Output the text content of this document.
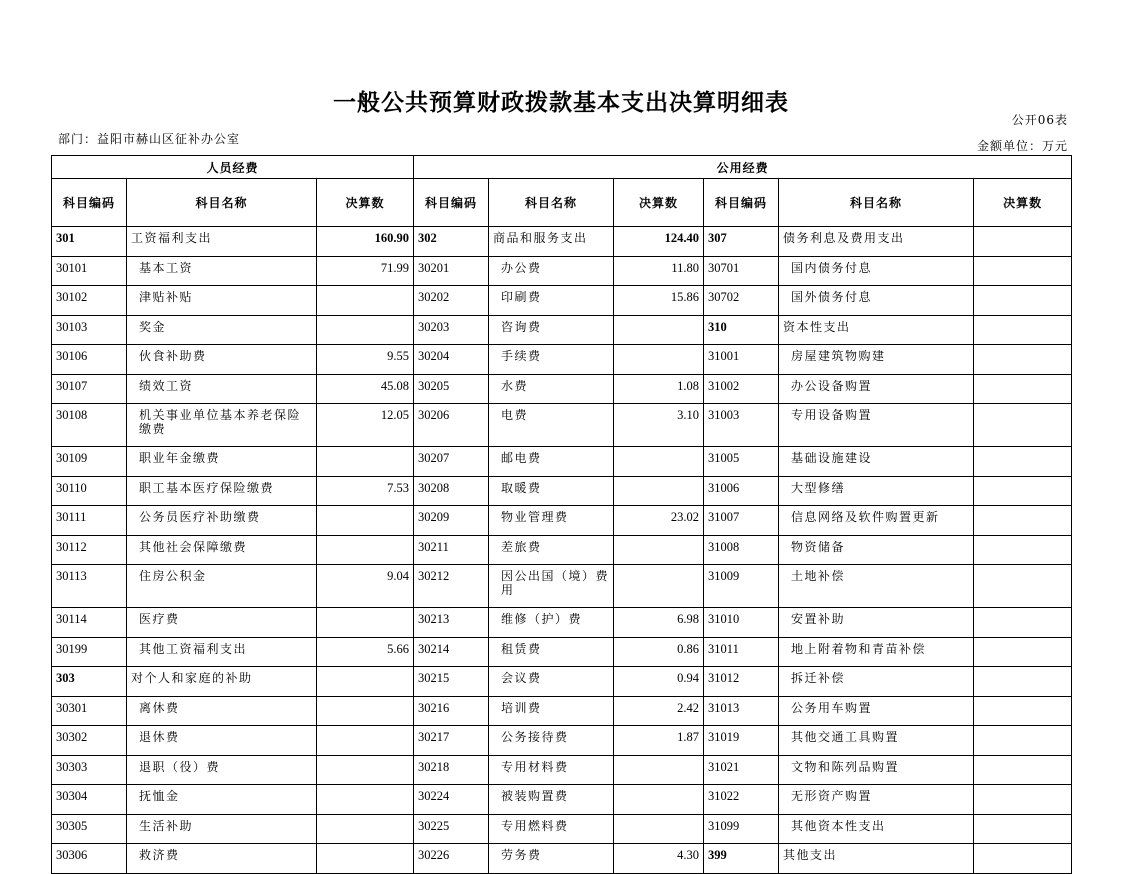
一般公共预算财政拨款基本支出决算明细表
公开06表
部门：益阳市赫山区征补办公室	金额单位：万元
人员经费			公用经费					
科目编码	科目名称	决算数	科目编码	科目名称	决算数	科目编码	科目名称	决算数
301	工资福利支出	160.90	302	商品和服务支出	124.40	307	债务利息及费用支出	
30101	基本工资	71.99	30201	办公费	11.80	30701	国内债务付息	
30102	津贴补贴		30202	印刷费	15.86	30702	国外债务付息	
30103	奖金		30203	咨询费		310	资本性支出	
30106	伙食补助费	9.55	30204	手续费		31001	房屋建筑物购建	
30107	绩效工资	45.08	30205	水费	1.08	31002	办公设备购置	
30108	机关事业单位基本养老保险缴费	12.05	30206	电费	3.10	31003	专用设备购置	
30109	职业年金缴费		30207	邮电费		31005	基础设施建设	
30110	职工基本医疗保险缴费	7.53	30208	取暖费		31006	大型修缮	
30111	公务员医疗补助缴费		30209	物业管理费	23.02	31007	信息网络及软件购置更新	
30112	其他社会保障缴费		30211	差旅费		31008	物资储备	
30113	住房公积金	9.04	30212	因公出国（境）费用		31009	土地补偿	
30114	医疗费		30213	维修（护）费	6.98	31010	安置补助	
30199	其他工资福利支出	5.66	30214	租赁费	0.86	31011	地上附着物和青苗补偿	
303	对个人和家庭的补助		30215	会议费	0.94	31012	拆迁补偿	
30301	离休费		30216	培训费	2.42	31013	公务用车购置	
30302	退休费		30217	公务接待费	1.87	31019	其他交通工具购置	
30303	退职（役）费		30218	专用材料费		31021	文物和陈列品购置	
30304	抚恤金		30224	被装购置费		31022	无形资产购置	
30305	生活补助		30225	专用燃料费		31099	其他资本性支出	
30306	救济费		30226	劳务费	4.30	399	其他支出	
